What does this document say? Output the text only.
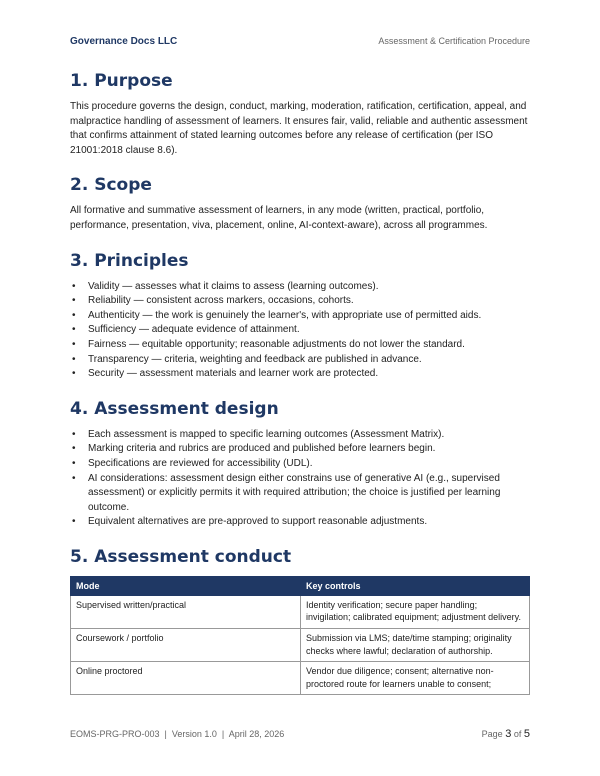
Governance Docs LLC	Assessment & Certification Procedure
1. Purpose

This procedure governs the design, conduct, marking, moderation, ratification, certification, appeal, and malpractice handling of assessment of learners. It ensures fair, valid, reliable and authentic assessment that confirms attainment of stated learning outcomes before any release of certification (per ISO 21001:2018 clause 8.6).

2. Scope

All formative and summative assessment of learners, in any mode (written, practical, portfolio, performance, presentation, viva, placement, online, AI-context-aware), across all programmes.

3. Principles
• Validity — assesses what it claims to assess (learning outcomes).
• Reliability — consistent across markers, occasions, cohorts.
• Authenticity — the work is genuinely the learner's, with appropriate use of permitted aids.
• Sufficiency — adequate evidence of attainment.
• Fairness — equitable opportunity; reasonable adjustments do not lower the standard.
• Transparency — criteria, weighting and feedback are published in advance.
• Security — assessment materials and learner work are protected.
4. Assessment design
• Each assessment is mapped to specific learning outcomes (Assessment Matrix).
• Marking criteria and rubrics are produced and published before learners begin.
• Specifications are reviewed for accessibility (UDL).
• AI considerations: assessment design either constrains use of generative AI (e.g., supervised assessment) or explicitly permits it with required attribution; the choice is justified per learning outcome.
• Equivalent alternatives are pre-approved to support reasonable adjustments.
5. Assessment conduct
Mode	Key controls
Supervised written/practical	Identity verification; secure paper handling; invigilation; calibrated equipment; adjustment delivery.
Coursework / portfolio	Submission via LMS; date/time stamping; originality checks where lawful; declaration of authorship.
Online proctored	Vendor due diligence; consent; alternative non-proctored route for learners unable to consent;
EOMS-PRG-PRO-003  |  Version 1.0  |  April 28, 2026	Page 3 of 5
